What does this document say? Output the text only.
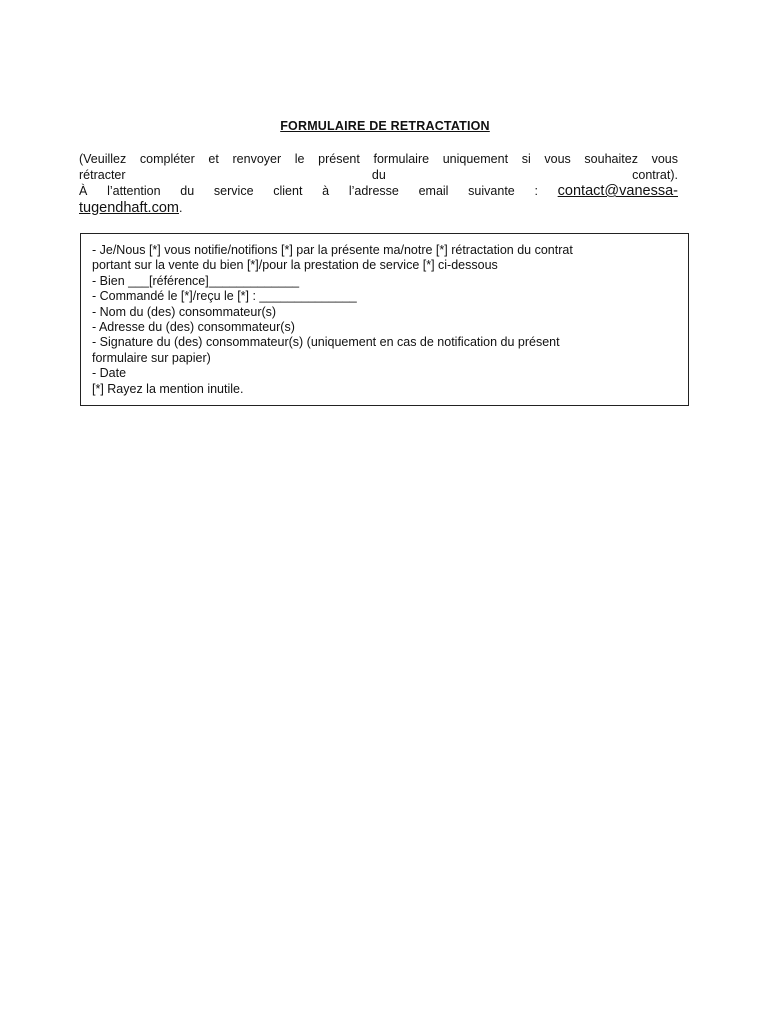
FORMULAIRE DE RETRACTATION
(Veuillez compléter et renvoyer le présent formulaire uniquement si vous souhaitez vous
rétracter du contrat).
À l’attention du service client à l’adresse email suivante : contact@vanessa-
tugendhaft.com.
- Je/Nous [*] vous notifie/notifions [*] par la présente ma/notre [*] rétractation du contrat
portant sur la vente du bien [*]/pour la prestation de service [*] ci-dessous
- Bien ___[référence]_____________
- Commandé le [*]/reçu le [*] : ______________
- Nom du (des) consommateur(s)
- Adresse du (des) consommateur(s)
- Signature du (des) consommateur(s) (uniquement en cas de notification du présent
formulaire sur papier)
- Date
[*] Rayez la mention inutile.
